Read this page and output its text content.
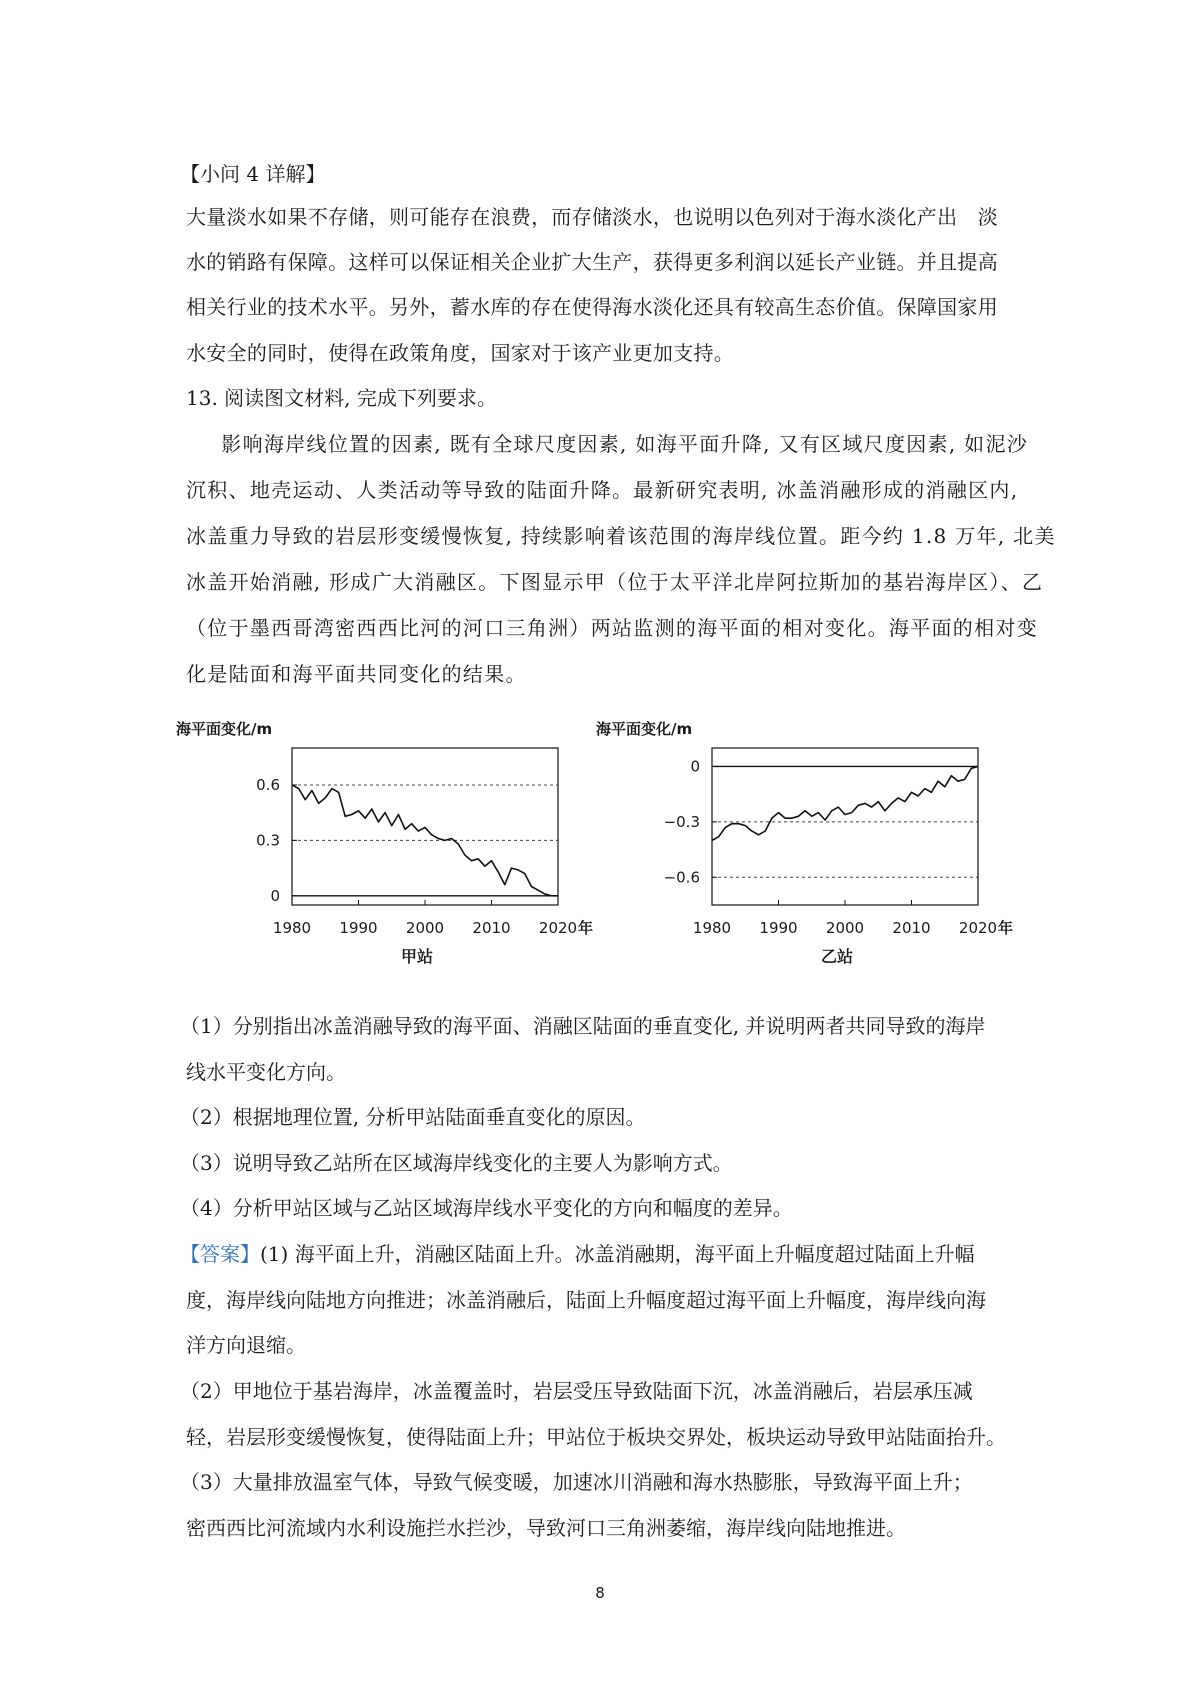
【小问 4 详解】
大量淡水如果不存储，则可能存在浪费，而存储淡水，也说明以色列对于海水淡化产出　淡
水的销路有保障。这样可以保证相关企业扩大生产，获得更多利润以延长产业链。并且提高
相关行业的技术水平。另外，蓄水库的存在使得海水淡化还具有较高生态价值。保障国家用
水安全的同时，使得在政策角度，国家对于该产业更加支持。
13. 阅读图文材料, 完成下列要求。
　影响海岸线位置的因素, 既有全球尺度因素, 如海平面升降, 又有区域尺度因素, 如泥沙
沉积、地壳运动、人类活动等导致的陆面升降。最新研究表明, 冰盖消融形成的消融区内,
冰盖重力导致的岩层形变缓慢恢复, 持续影响着该范围的海岸线位置。距今约 1.8 万年, 北美
冰盖开始消融, 形成广大消融区。下图显示甲（位于太平洋北岸阿拉斯加的基岩海岸区）、乙
（位于墨西哥湾密西西比河的河口三角洲）两站监测的海平面的相对变化。海平面的相对变
化是陆面和海平面共同变化的结果。
海平面变化/m
0.6
0.3
0
1980 1990 2000 2010 2020 年
甲站
海平面变化/m
0
−0.3
−0.6
1980 1990 2000 2010 2020 年
乙站
（1）分别指出冰盖消融导致的海平面、消融区陆面的垂直变化, 并说明两者共同导致的海岸
线水平变化方向。
（2）根据地理位置, 分析甲站陆面垂直变化的原因。
（3）说明导致乙站所在区域海岸线变化的主要人为影响方式。
（4）分析甲站区域与乙站区域海岸线水平变化的方向和幅度的差异。
【答案】(1) 海平面上升，消融区陆面上升。冰盖消融期，海平面上升幅度超过陆面上升幅
度，海岸线向陆地方向推进；冰盖消融后，陆面上升幅度超过海平面上升幅度，海岸线向海
洋方向退缩。
（2）甲地位于基岩海岸，冰盖覆盖时，岩层受压导致陆面下沉，冰盖消融后，岩层承压减
轻，岩层形变缓慢恢复，使得陆面上升；甲站位于板块交界处，板块运动导致甲站陆面抬升。
（3）大量排放温室气体，导致气候变暖，加速冰川消融和海水热膨胀，导致海平面上升；
密西西比河流域内水利设施拦水拦沙，导致河口三角洲萎缩，海岸线向陆地推进。
8
